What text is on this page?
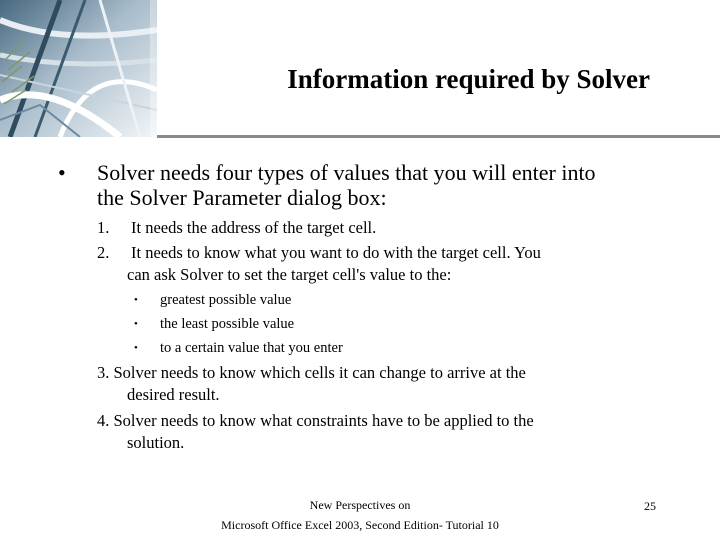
Information required by Solver
• Solver needs four types of values that you will enter into
the Solver Parameter dialog box:
1. It needs the address of the target cell.
2. It needs to know what you want to do with the target cell. You
can ask Solver to set the target cell's value to the:
• greatest possible value
• the least possible value
• to a certain value that you enter
3. Solver needs to know which cells it can change to arrive at the
desired result.
4. Solver needs to know what constraints have to be applied to the
solution.
New Perspectives on
Microsoft Office Excel 2003, Second Edition- Tutorial 10
25
